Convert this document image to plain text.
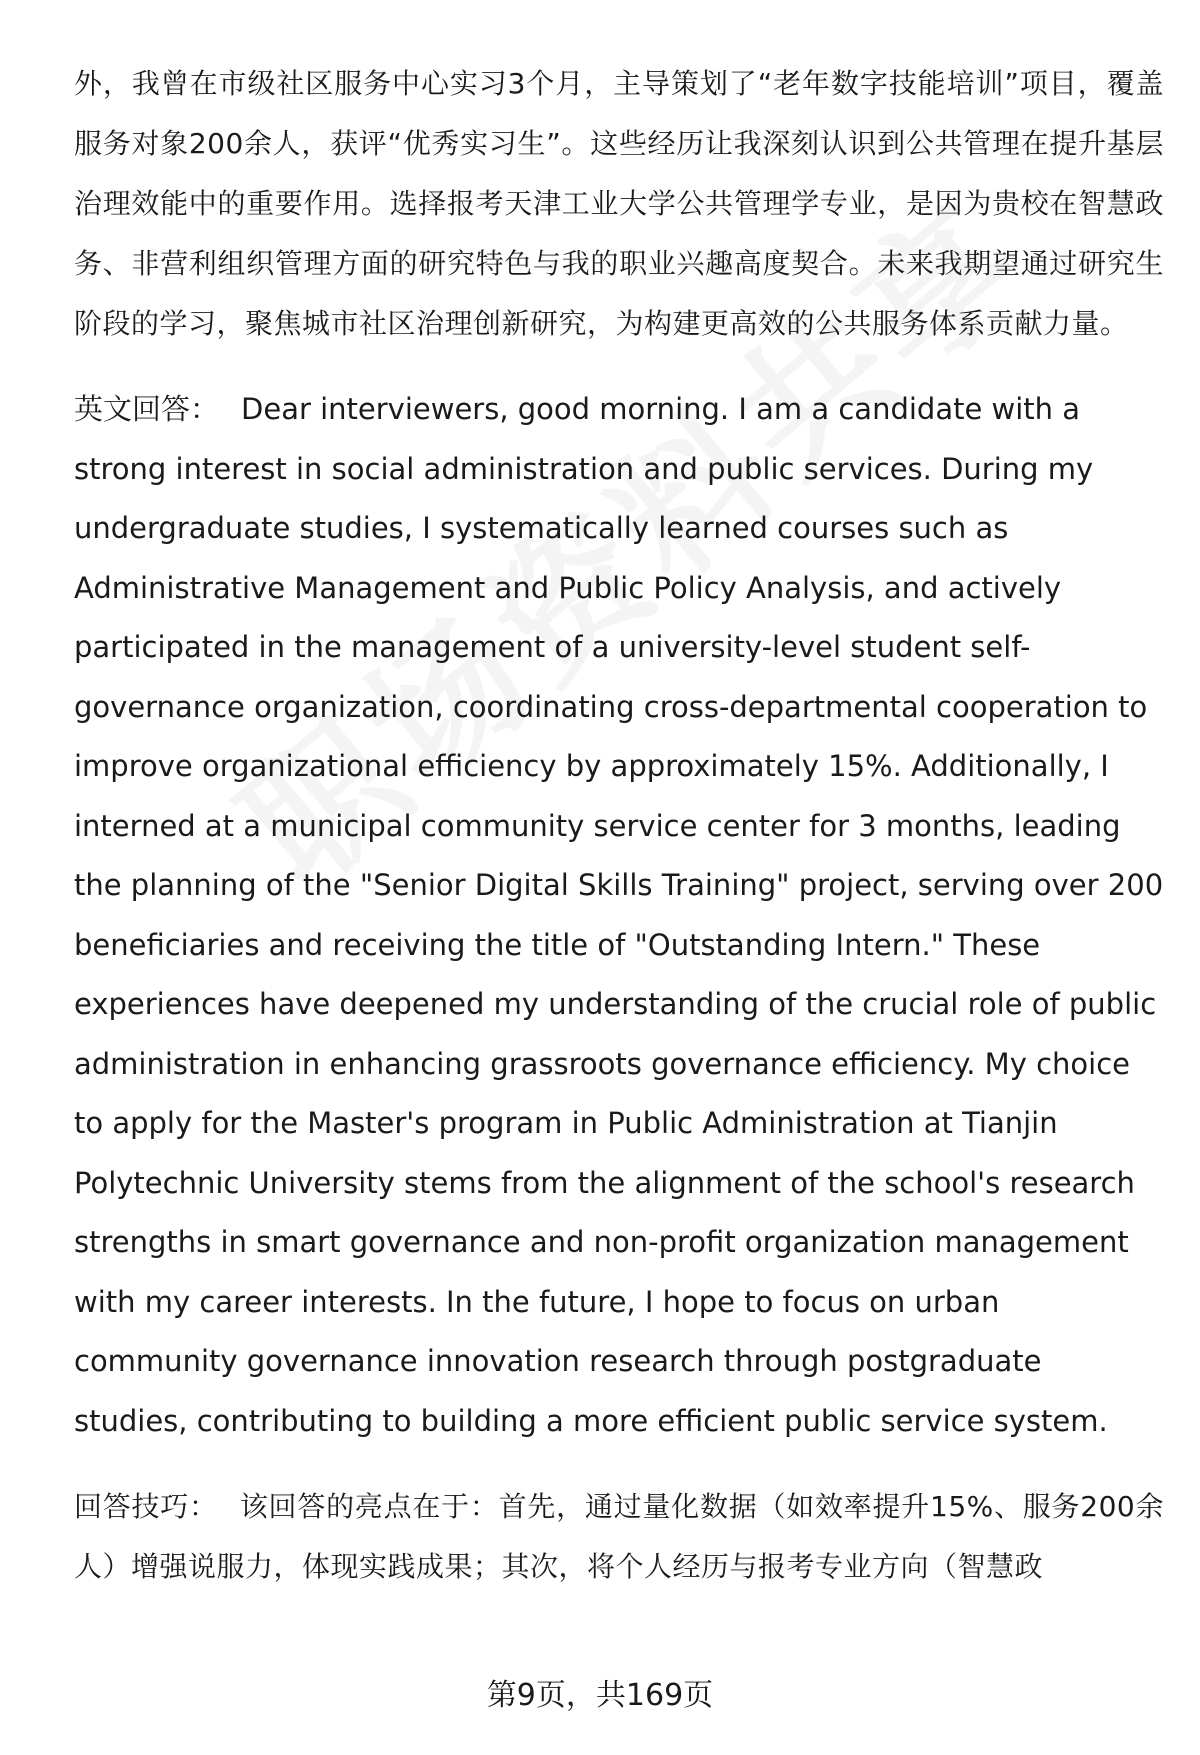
外，我曾在市级社区服务中心实习3个月，主导策划了“老年数字技能培训”项目，覆盖服务对象200余人，获评“优秀实习生”。这些经历让我深刻认识到公共管理在提升基层治理效能中的重要作用。选择报考天津工业大学公共管理学专业，是因为贵校在智慧政务、非营利组织管理方面的研究特色与我的职业兴趣高度契合。未来我期望通过研究生阶段的学习，聚焦城市社区治理创新研究，为构建更高效的公共服务体系贡献力量。

英文回答： Dear interviewers, good morning. I am a candidate with a strong interest in social administration and public services. During my undergraduate studies, I systematically learned courses such as Administrative Management and Public Policy Analysis, and actively participated in the management of a university-level student self-governance organization, coordinating cross-departmental cooperation to improve organizational efficiency by approximately 15%. Additionally, I interned at a municipal community service center for 3 months, leading the planning of the "Senior Digital Skills Training" project, serving over 200 beneficiaries and receiving the title of "Outstanding Intern." These experiences have deepened my understanding of the crucial role of public administration in enhancing grassroots governance efficiency. My choice to apply for the Master's program in Public Administration at Tianjin Polytechnic University stems from the alignment of the school's research strengths in smart governance and non-profit organization management with my career interests. In the future, I hope to focus on urban community governance innovation research through postgraduate studies, contributing to building a more efficient public service system.

回答技巧： 该回答的亮点在于：首先，通过量化数据（如效率提升15%、服务200余人）增强说服力，体现实践成果；其次，将个人经历与报考专业方向（智慧政

第9页，共169页
